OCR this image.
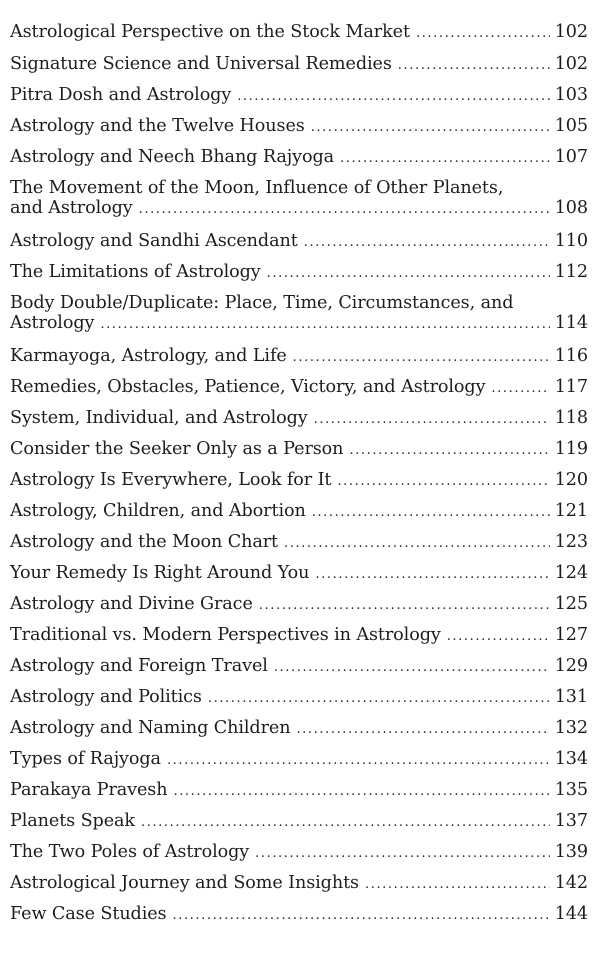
Astrological Perspective on the Stock Market .....	102
Signature Science and Universal Remedies .....	102
Pitra Dosh and Astrology .....	103
Astrology and the Twelve Houses .....	105
Astrology and Neech Bhang Rajyoga .....	107
The Movement of the Moon, Influence of Other Planets,
and Astrology .....	108
Astrology and Sandhi Ascendant .....	110
The Limitations of Astrology .....	112
Body Double/Duplicate: Place, Time, Circumstances, and
Astrology .....	114
Karmayoga, Astrology, and Life .....	116
Remedies, Obstacles, Patience, Victory, and Astrology .....	117
System, Individual, and Astrology .....	118
Consider the Seeker Only as a Person .....	119
Astrology Is Everywhere, Look for It .....	120
Astrology, Children, and Abortion .....	121
Astrology and the Moon Chart .....	123
Your Remedy Is Right Around You .....	124
Astrology and Divine Grace .....	125
Traditional vs. Modern Perspectives in Astrology .....	127
Astrology and Foreign Travel .....	129
Astrology and Politics .....	131
Astrology and Naming Children .....	132
Types of Rajyoga .....	134
Parakaya Pravesh .....	135
Planets Speak .....	137
The Two Poles of Astrology .....	139
Astrological Journey and Some Insights .....	142
Few Case Studies .....	144
